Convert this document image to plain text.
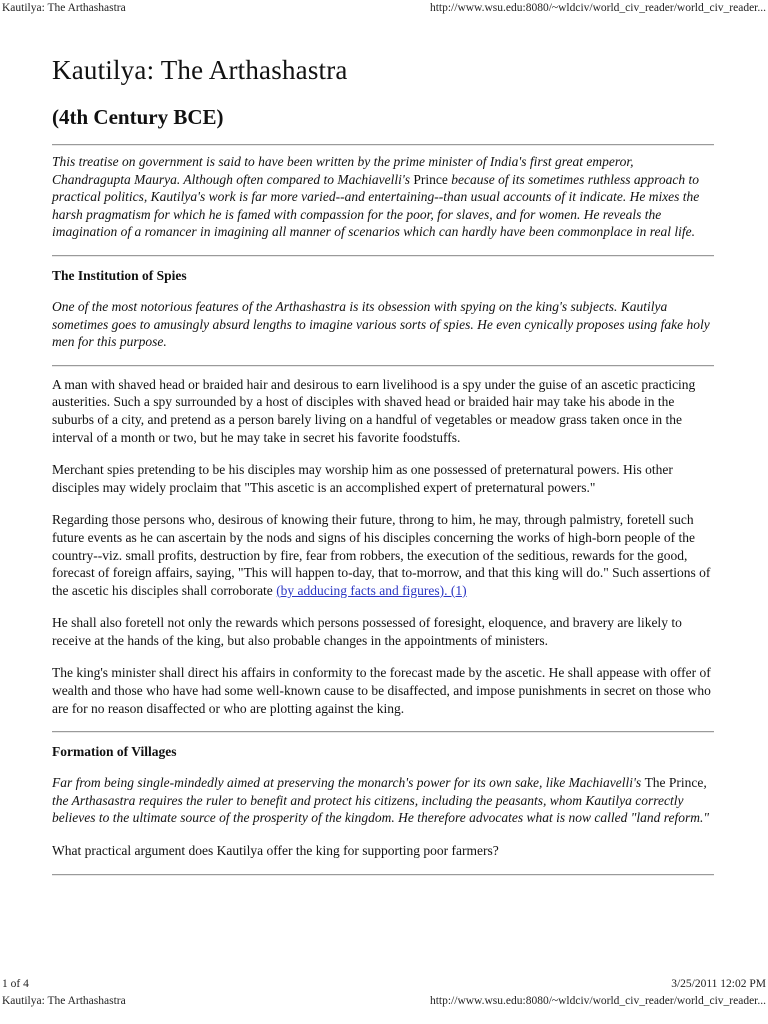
Kautilya: The Arthashastra	http://www.wsu.edu:8080/~wldciv/world_civ_reader/world_civ_reader...
Kautilya: The Arthashastra
(4th Century BCE)

This treatise on government is said to have been written by the prime minister of India's first great emperor, Chandragupta Maurya. Although often compared to Machiavelli's Prince because of its sometimes ruthless approach to practical politics, Kautilya's work is far more varied--and entertaining--than usual accounts of it indicate. He mixes the harsh pragmatism for which he is famed with compassion for the poor, for slaves, and for women. He reveals the imagination of a romancer in imagining all manner of scenarios which can hardly have been commonplace in real life.

The Institution of Spies

One of the most notorious features of the Arthashastra is its obsession with spying on the king's subjects. Kautilya sometimes goes to amusingly absurd lengths to imagine various sorts of spies. He even cynically proposes using fake holy men for this purpose.

A man with shaved head or braided hair and desirous to earn livelihood is a spy under the guise of an ascetic practicing austerities. Such a spy surrounded by a host of disciples with shaved head or braided hair may take his abode in the suburbs of a city, and pretend as a person barely living on a handful of vegetables or meadow grass taken once in the interval of a month or two, but he may take in secret his favorite foodstuffs.

Merchant spies pretending to be his disciples may worship him as one possessed of preternatural powers. His other disciples may widely proclaim that "This ascetic is an accomplished expert of preternatural powers."

Regarding those persons who, desirous of knowing their future, throng to him, he may, through palmistry, foretell such future events as he can ascertain by the nods and signs of his disciples concerning the works of high-born people of the country--viz. small profits, destruction by fire, fear from robbers, the execution of the seditious, rewards for the good, forecast of foreign affairs, saying, "This will happen to-day, that to-morrow, and that this king will do." Such assertions of the ascetic his disciples shall corroborate (by adducing facts and figures). (1)

He shall also foretell not only the rewards which persons possessed of foresight, eloquence, and bravery are likely to receive at the hands of the king, but also probable changes in the appointments of ministers.

The king's minister shall direct his affairs in conformity to the forecast made by the ascetic. He shall appease with offer of wealth and those who have had some well-known cause to be disaffected, and impose punishments in secret on those who are for no reason disaffected or who are plotting against the king.

Formation of Villages

Far from being single-mindedly aimed at preserving the monarch's power for its own sake, like Machiavelli's The Prince, the Arthasastra requires the ruler to benefit and protect his citizens, including the peasants, whom Kautilya correctly believes to the ultimate source of the prosperity of the kingdom. He therefore advocates what is now called "land reform."

What practical argument does Kautilya offer the king for supporting poor farmers?

1 of 4	3/25/2011 12:02 PM
Kautilya: The Arthashastra	http://www.wsu.edu:8080/~wldciv/world_civ_reader/world_civ_reader...
